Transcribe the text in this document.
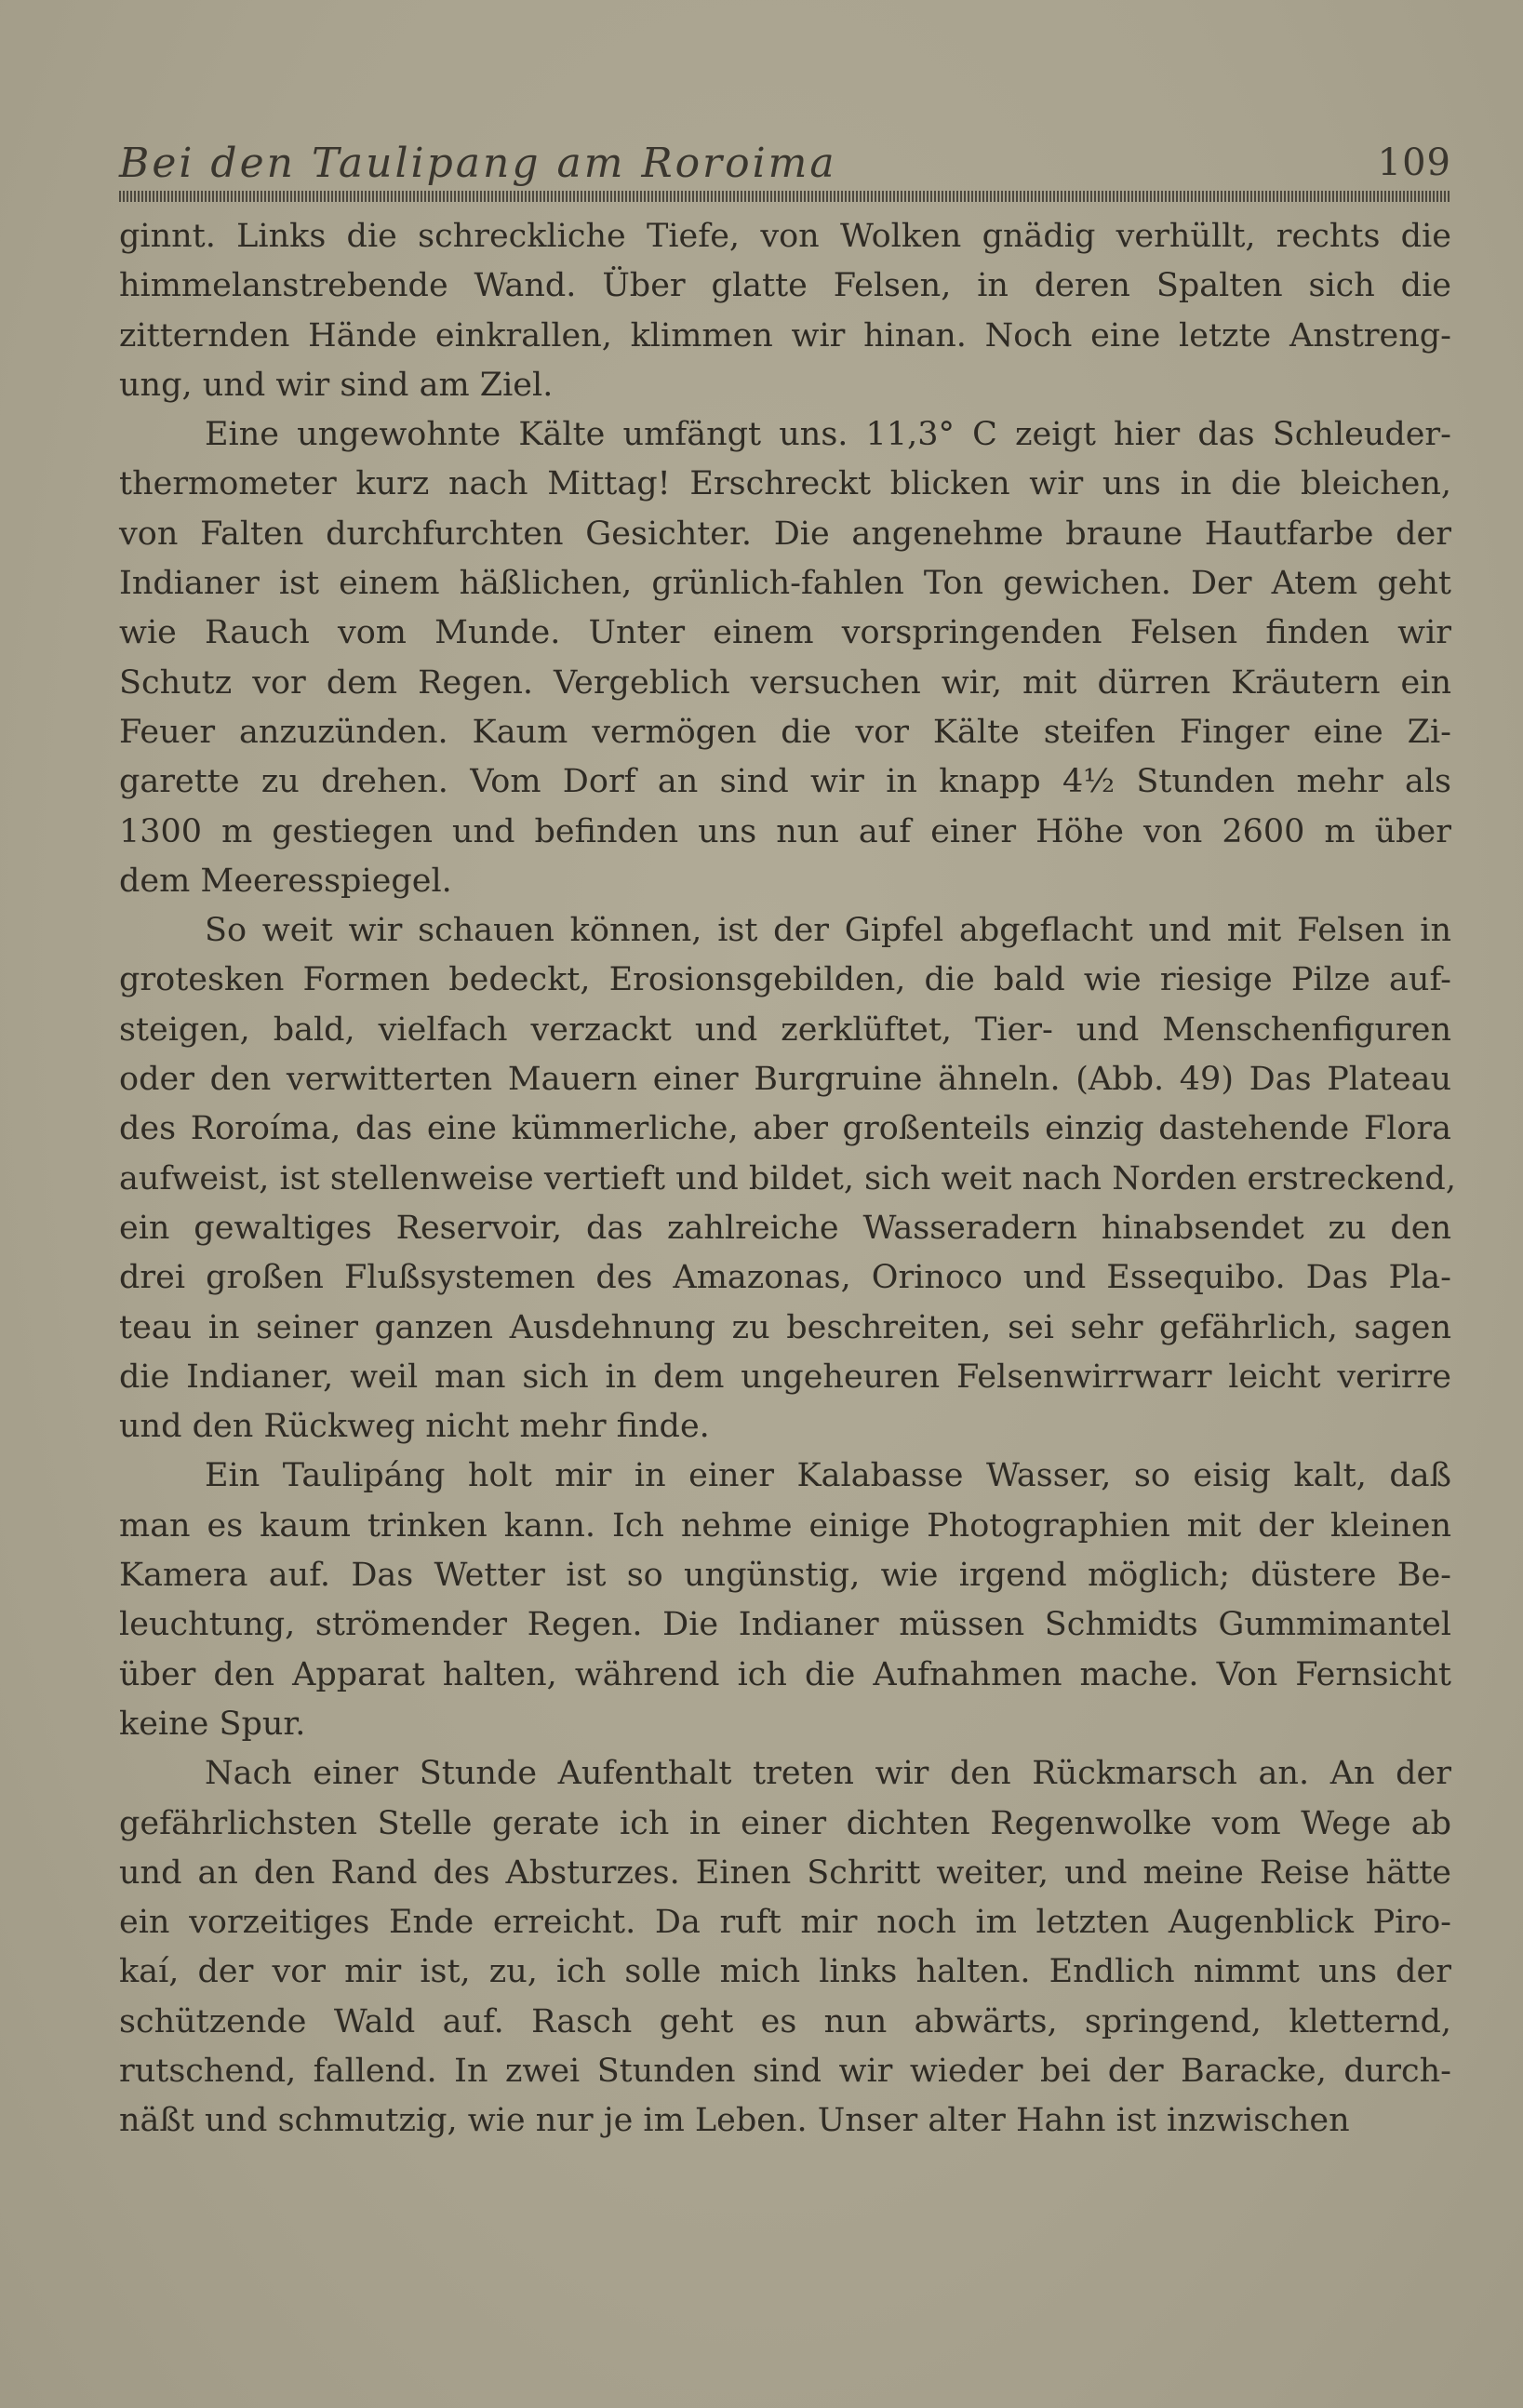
Bei den Taulipang am Roroima	109
ginnt. Links die schreckliche Tiefe, von Wolken gnädig verhüllt, rechts die
himmelanstrebende Wand. Über glatte Felsen, in deren Spalten sich die
zitternden Hände einkrallen, klimmen wir hinan. Noch eine letzte Anstreng-
ung, und wir sind am Ziel.
Eine ungewohnte Kälte umfängt uns. 11,3° C zeigt hier das Schleuder-
thermometer kurz nach Mittag! Erschreckt blicken wir uns in die bleichen,
von Falten durchfurchten Gesichter. Die angenehme braune Hautfarbe der
Indianer ist einem häßlichen, grünlich-fahlen Ton gewichen. Der Atem geht
wie Rauch vom Munde. Unter einem vorspringenden Felsen finden wir
Schutz vor dem Regen. Vergeblich versuchen wir, mit dürren Kräutern ein
Feuer anzuzünden. Kaum vermögen die vor Kälte steifen Finger eine Zi-
garette zu drehen. Vom Dorf an sind wir in knapp 4½ Stunden mehr als
1300 m gestiegen und befinden uns nun auf einer Höhe von 2600 m über
dem Meeresspiegel.
So weit wir schauen können, ist der Gipfel abgeflacht und mit Felsen in
grotesken Formen bedeckt, Erosionsgebilden, die bald wie riesige Pilze auf-
steigen, bald, vielfach verzackt und zerklüftet, Tier- und Menschenfiguren
oder den verwitterten Mauern einer Burgruine ähneln. (Abb. 49) Das Plateau
des Roroíma, das eine kümmerliche, aber großenteils einzig dastehende Flora
aufweist, ist stellenweise vertieft und bildet, sich weit nach Norden erstreckend,
ein gewaltiges Reservoir, das zahlreiche Wasseradern hinabsendet zu den
drei großen Flußsystemen des Amazonas, Orinoco und Essequibo. Das Pla-
teau in seiner ganzen Ausdehnung zu beschreiten, sei sehr gefährlich, sagen
die Indianer, weil man sich in dem ungeheuren Felsenwirrwarr leicht verirre
und den Rückweg nicht mehr finde.
Ein Taulipáng holt mir in einer Kalabasse Wasser, so eisig kalt, daß
man es kaum trinken kann. Ich nehme einige Photographien mit der kleinen
Kamera auf. Das Wetter ist so ungünstig, wie irgend möglich; düstere Be-
leuchtung, strömender Regen. Die Indianer müssen Schmidts Gummimantel
über den Apparat halten, während ich die Aufnahmen mache. Von Fernsicht
keine Spur.
Nach einer Stunde Aufenthalt treten wir den Rückmarsch an. An der
gefährlichsten Stelle gerate ich in einer dichten Regenwolke vom Wege ab
und an den Rand des Absturzes. Einen Schritt weiter, und meine Reise hätte
ein vorzeitiges Ende erreicht. Da ruft mir noch im letzten Augenblick Piro-
kaí, der vor mir ist, zu, ich solle mich links halten. Endlich nimmt uns der
schützende Wald auf. Rasch geht es nun abwärts, springend, kletternd,
rutschend, fallend. In zwei Stunden sind wir wieder bei der Baracke, durch-
näßt und schmutzig, wie nur je im Leben. Unser alter Hahn ist inzwischen
